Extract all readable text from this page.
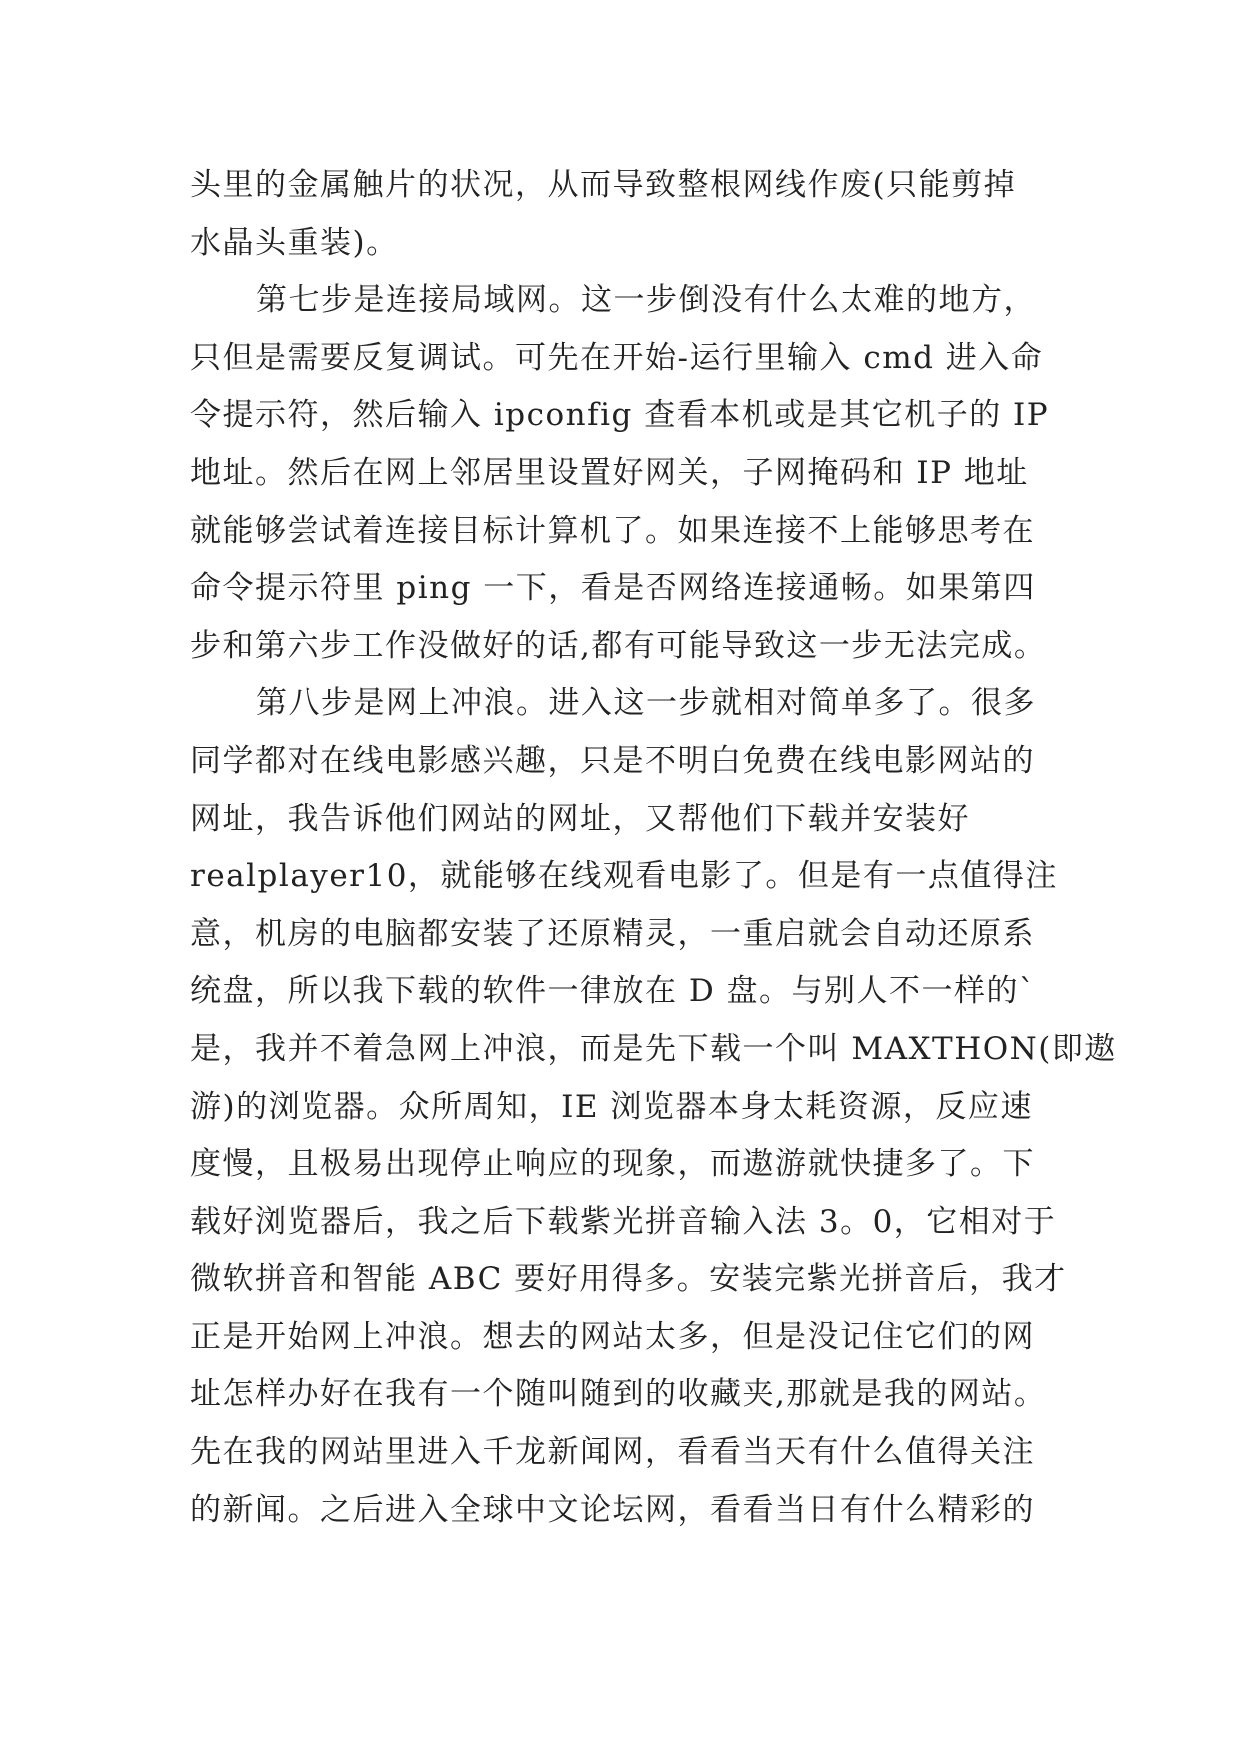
头里的金属触片的状况，从而导致整根网线作废(只能剪掉
水晶头重装)。
第七步是连接局域网。这一步倒没有什么太难的地方，
只但是需要反复调试。可先在开始-运行里输入 cmd 进入命
令提示符，然后输入 ipconfig 查看本机或是其它机子的 IP
地址。然后在网上邻居里设置好网关，子网掩码和 IP 地址
就能够尝试着连接目标计算机了。如果连接不上能够思考在
命令提示符里 ping 一下，看是否网络连接通畅。如果第四
步和第六步工作没做好的话,都有可能导致这一步无法完成。
第八步是网上冲浪。进入这一步就相对简单多了。很多
同学都对在线电影感兴趣，只是不明白免费在线电影网站的
网址，我告诉他们网站的网址，又帮他们下载并安装好
realplayer10，就能够在线观看电影了。但是有一点值得注
意，机房的电脑都安装了还原精灵，一重启就会自动还原系
统盘，所以我下载的软件一律放在 D 盘。与别人不一样的`
是，我并不着急网上冲浪，而是先下载一个叫 MAXTHON(即遨
游)的浏览器。众所周知，IE 浏览器本身太耗资源，反应速
度慢，且极易出现停止响应的现象，而遨游就快捷多了。下
载好浏览器后，我之后下载紫光拼音输入法 3。0，它相对于
微软拼音和智能 ABC 要好用得多。安装完紫光拼音后，我才
正是开始网上冲浪。想去的网站太多，但是没记住它们的网
址怎样办好在我有一个随叫随到的收藏夹,那就是我的网站。
先在我的网站里进入千龙新闻网，看看当天有什么值得关注
的新闻。之后进入全球中文论坛网，看看当日有什么精彩的
